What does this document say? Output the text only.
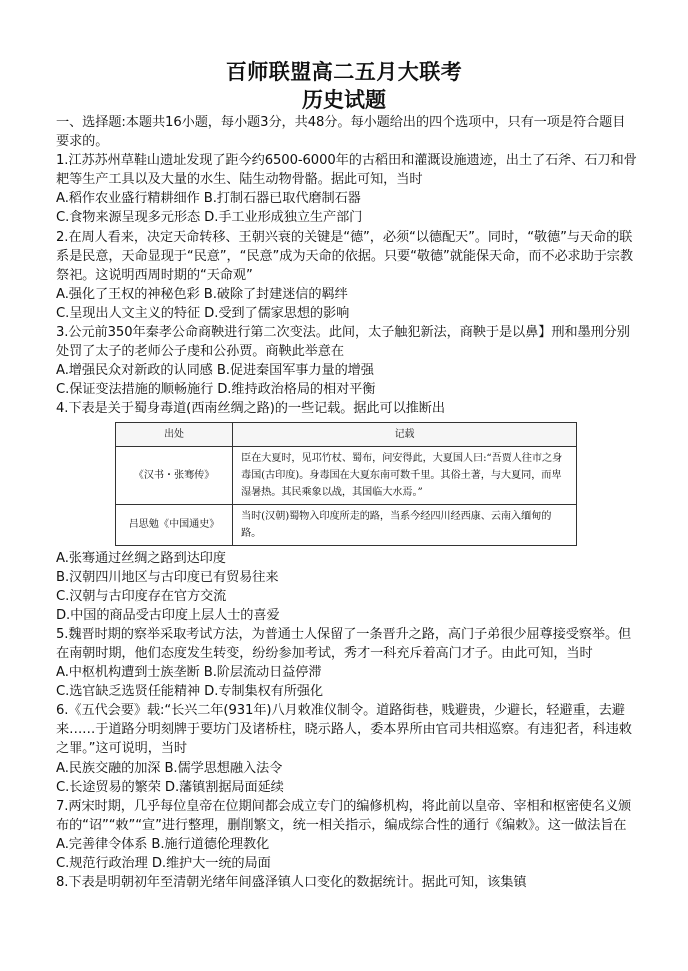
百师联盟高二五月大联考
历史试题

一、选择题:本题共16小题，每小题3分，共48分。每小题给出的四个选项中，只有一项是符合题目要求的。

1.江苏苏州草鞋山遗址发现了距今约6500-6000年的古稻田和灌溉设施遗迹，出土了石斧、石刀和骨耙等生产工具以及大量的水生、陆生动物骨骼。据此可知，当时

A.稻作农业盛行精耕细作 B.打制石器已取代磨制石器

C.食物来源呈现多元形态 D.手工业形成独立生产部门

2.在周人看来，决定天命转移、王朝兴衰的关键是“德”，必须“以德配天”。同时，“敬德”与天命的联系是民意，天命显现于“民意”，“民意”成为天命的依据。只要“敬德”就能保天命，而不必求助于宗教祭祀。这说明西周时期的“天命观”

A.强化了王权的神秘色彩 B.破除了封建迷信的羁绊

C.呈现出人文主义的特征 D.受到了儒家思想的影响

3.公元前350年秦孝公命商鞅进行第二次变法。此间，太子触犯新法，商鞅于是以鼻】刑和墨刑分别处罚了太子的老师公子虔和公孙贾。商鞅此举意在

A.增强民众对新政的认同感 B.促进秦国军事力量的增强

C.保证变法措施的顺畅施行 D.维持政治格局的相对平衡

4.下表是关于蜀身毒道(西南丝绸之路)的一些记载。据此可以推断出

出处	记载
《汉书・张骞传》	臣在大夏时，见邛竹杖、蜀布，问安得此，大夏国人曰:“吾贾人往市之身毒国(古印度)。身毒国在大夏东南可数千里。其俗土著，与大夏同，而卑湿暑热。其民乘象以战，其国临大水焉。”
吕思勉《中国通史》	当时(汉朝)蜀物入印度所走的路，当系今经四川经西康、云南入缅甸的路。

A.张骞通过丝绸之路到达印度

B.汉朝四川地区与古印度已有贸易往来

C.汉朝与古印度存在官方交流

D.中国的商品受古印度上层人士的喜爱

5.魏晋时期的察举采取考试方法，为普通士人保留了一条晋升之路，高门子弟很少屈尊接受察举。但在南朝时期，他们态度发生转变，纷纷参加考试，秀才一科充斥着高门才子。由此可知，当时

A.中枢机构遭到士族垄断 B.阶层流动日益停滞

C.选官缺乏选贤任能精神 D.专制集权有所强化

6.《五代会要》载:“长兴二年(931年)八月敕准仪制令。道路街巷，贱避贵，少避长，轻避重，去避来……于道路分明刻牌于要坊门及诸桥柱，晓示路人，委本界所由官司共相巡察。有违犯者，科违敕之罪。”这可说明，当时

A.民族交融的加深 B.儒学思想融入法令

C.长途贸易的繁荣 D.藩镇割据局面延续

7.两宋时期，几乎每位皇帝在位期间都会成立专门的编修机构，将此前以皇帝、宰相和枢密使名义颁布的“诏”“敕”“宣”进行整理，删削繁文，统一相关指示，编成综合性的通行《编敕》。这一做法旨在

A.完善律令体系 B.施行道德伦理教化

C.规范行政治理 D.维护大一统的局面

8.下表是明朝初年至清朝光绪年间盛泽镇人口变化的数据统计。据此可知，该集镇
